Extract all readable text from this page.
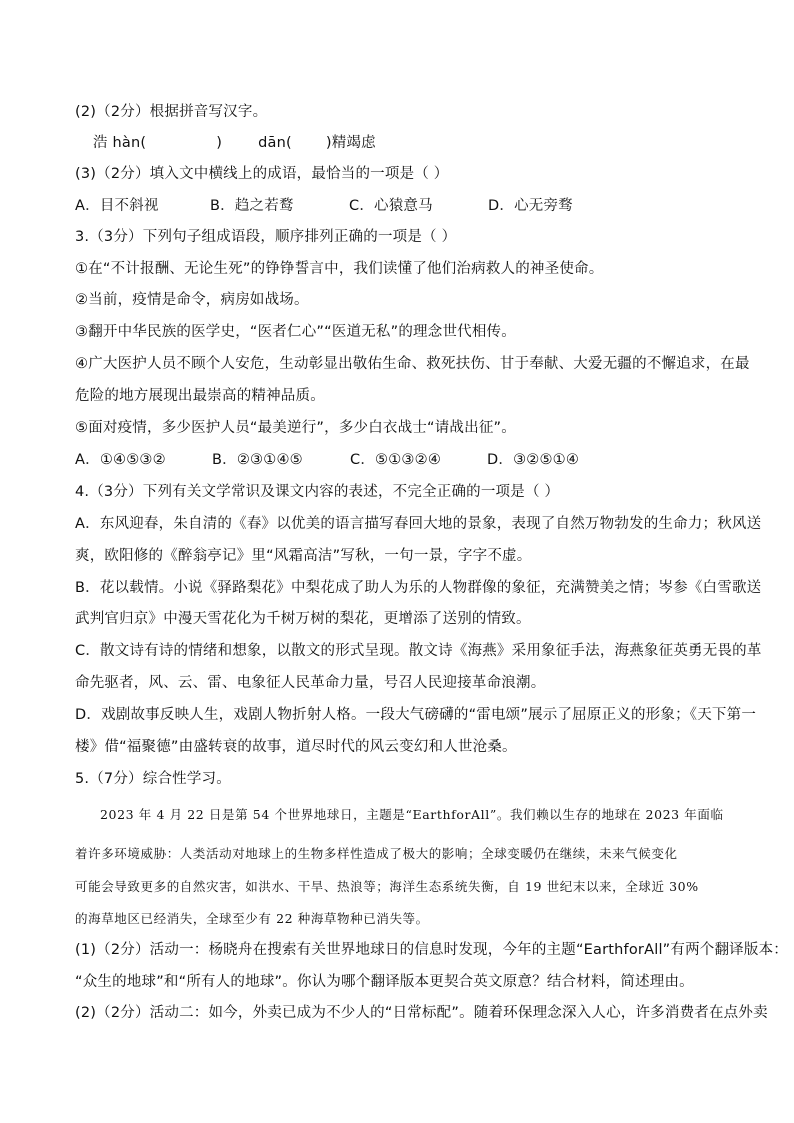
(2)（2分）根据拼音写汉字。
浩 hàn(	) dān( )精竭虑
(3)（2分）填入文中横线上的成语，最恰当的一项是（ ）
A．目不斜视	B．趋之若鹜	C．心猿意马	D．心无旁骛
3.（3分）下列句子组成语段，顺序排列正确的一项是（ ）
①在“不计报酬、无论生死”的铮铮誓言中，我们读懂了他们治病救人的神圣使命。
②当前，疫情是命令，病房如战场。
③翻开中华民族的医学史，“医者仁心”“医道无私”的理念世代相传。
④广大医护人员不顾个人安危，生动彰显出敬佑生命、救死扶伤、甘于奉献、大爱无疆的不懈追求，在最
危险的地方展现出最崇高的精神品质。
⑤面对疫情，多少医护人员“最美逆行”，多少白衣战士“请战出征”。
A．①④⑤③②	B．②③①④⑤	C．⑤①③②④	D．③②⑤①④
4.（3分）下列有关文学常识及课文内容的表述，不完全正确的一项是（ ）
A．东风迎春，朱自清的《春》以优美的语言描写春回大地的景象，表现了自然万物勃发的生命力；秋风送
爽，欧阳修的《醉翁亭记》里“风霜高洁”写秋，一句一景，字字不虚。
B．花以载情。小说《驿路梨花》中梨花成了助人为乐的人物群像的象征，充满赞美之情；岑参《白雪歌送
武判官归京》中漫天雪花化为千树万树的梨花，更增添了送别的情致。
C．散文诗有诗的情绪和想象，以散文的形式呈现。散文诗《海燕》采用象征手法，海燕象征英勇无畏的革
命先驱者，风、云、雷、电象征人民革命力量，号召人民迎接革命浪潮。
D．戏剧故事反映人生，戏剧人物折射人格。一段大气磅礴的“雷电颂”展示了屈原正义的形象；《天下第一
楼》借“福聚德”由盛转衰的故事，道尽时代的风云变幻和人世沧桑。
5.（7分）综合性学习。
2023 年 4 月 22 日是第 54 个世界地球日，主题是“EarthforAll”。我们赖以生存的地球在 2023 年面临
着许多环境威胁：人类活动对地球上的生物多样性造成了极大的影响；全球变暖仍在继续，未来气候变化
可能会导致更多的自然灾害，如洪水、干旱、热浪等；海洋生态系统失衡，自 19 世纪末以来，全球近 30%
的海草地区已经消失，全球至少有 22 种海草物种已消失等。
(1)（2分）活动一：杨晓舟在搜索有关世界地球日的信息时发现，今年的主题“EarthforAll”有两个翻译版本：
“众生的地球”和“所有人的地球”。你认为哪个翻译版本更契合英文原意？结合材料，简述理由。
(2)（2分）活动二：如今，外卖已成为不少人的“日常标配”。随着环保理念深入人心，许多消费者在点外卖
